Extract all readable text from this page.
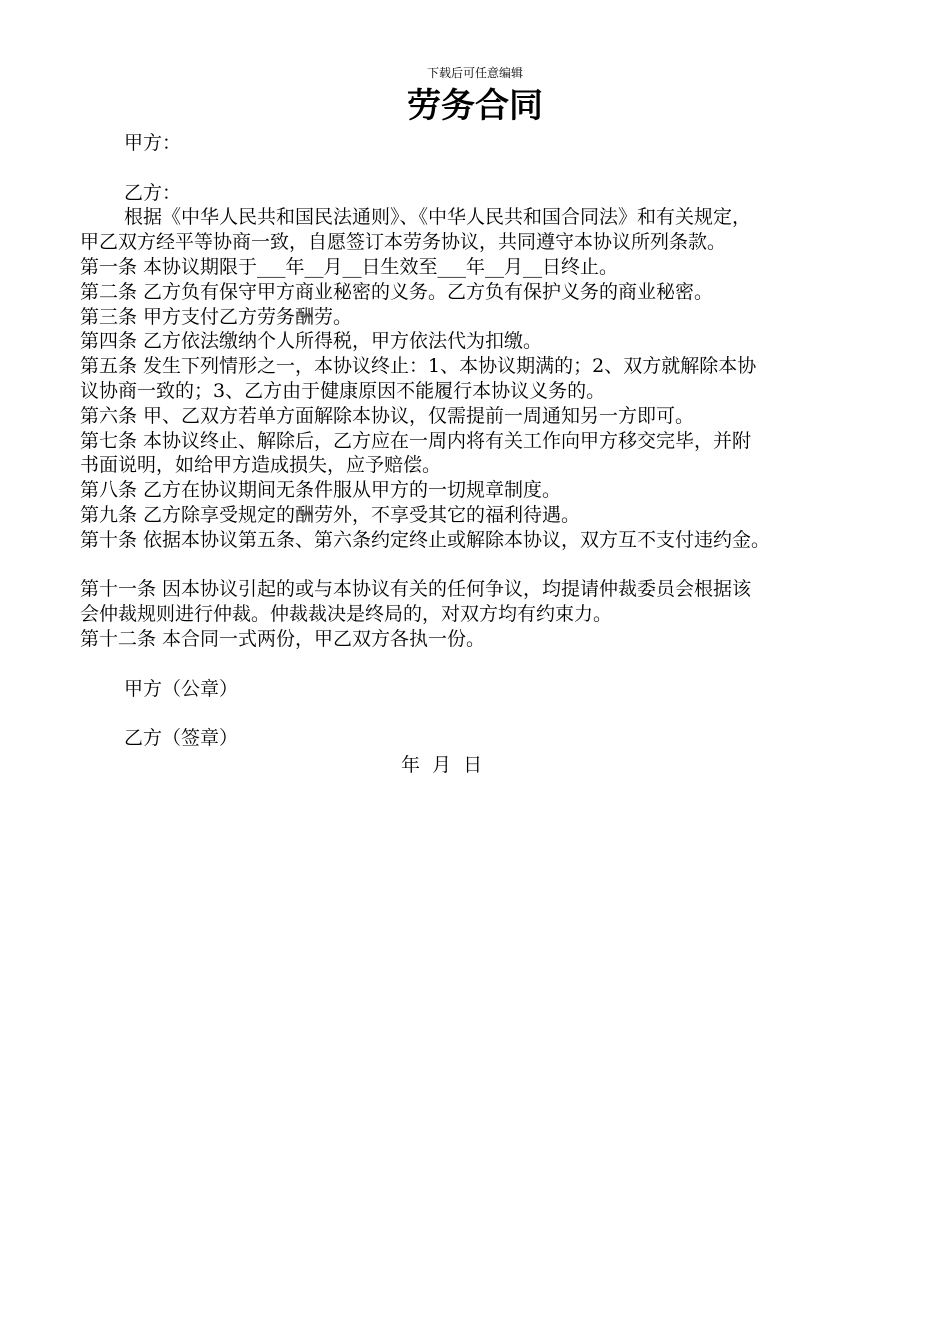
下载后可任意编辑
劳务合同
甲方：
乙方：
根据《中华人民共和国民法通则》、《中华人民共和国合同法》和有关规定，
甲乙双方经平等协商一致，自愿签订本劳务协议，共同遵守本协议所列条款。
第一条 本协议期限于___年__月__日生效至___年__月__日终止。
第二条 乙方负有保守甲方商业秘密的义务。乙方负有保护义务的商业秘密。
第三条 甲方支付乙方劳务酬劳。
第四条 乙方依法缴纳个人所得税，甲方依法代为扣缴。
第五条 发生下列情形之一，本协议终止：1、本协议期满的；2、双方就解除本协
议协商一致的；3、乙方由于健康原因不能履行本协议义务的。
第六条 甲、乙双方若单方面解除本协议，仅需提前一周通知另一方即可。
第七条 本协议终止、解除后，乙方应在一周内将有关工作向甲方移交完毕，并附
书面说明，如给甲方造成损失，应予赔偿。
第八条 乙方在协议期间无条件服从甲方的一切规章制度。
第九条 乙方除享受规定的酬劳外，不享受其它的福利待遇。
第十条 依据本协议第五条、第六条约定终止或解除本协议，双方互不支付违约金。
第十一条 因本协议引起的或与本协议有关的任何争议，均提请仲裁委员会根据该
会仲裁规则进行仲裁。仲裁裁决是终局的，对双方均有约束力。
第十二条 本合同一式两份，甲乙双方各执一份。
甲方（公章）
乙方（签章）
年  月  日
